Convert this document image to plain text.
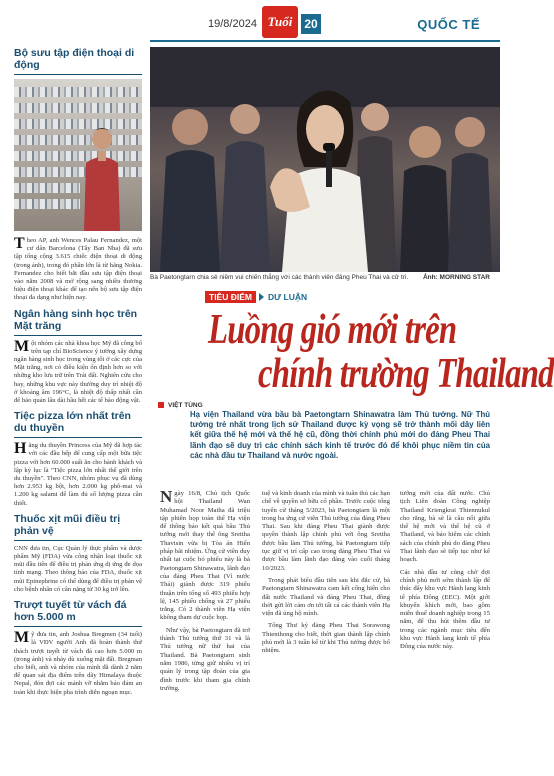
19/8/2024 Tuổi 20	QUỐC TẾ
Bộ sưu tập điện thoại di động

Theo AP, anh Wences Palau Fernandez, một cư dân Barcelona (Tây Ban Nha) đã sưu tập tổng cộng 3.615 chiếc điện thoại di động (trong ảnh), trong đó phần lớn là từ hãng Nokia. Fernandez cho biết bắt đầu sưu tập điện thoại vào năm 2008 và mở rộng sang nhiều thương hiệu điện thoại khác để tạo nên bộ sưu tập điện thoại đa dạng như hiện nay.

Ngân hàng sinh học trên Mặt trăng

Một nhóm các nhà khoa học Mỹ đã công bố trên tạp chí BioScience ý tưởng xây dựng ngân hàng sinh học trong vùng tối ở các cực của Mặt trăng, nơi có điều kiện ổn định hơn so với những kho lưu trữ trên Trái đất. Nghiên cứu cho hay, những khu vực này thường duy trì nhiệt độ ở khoảng âm 196°C, là nhiệt độ thấp nhất cần để bảo quản lâu dài hầu hết các tế bào động vật.

Tiệc pizza lớn nhất trên du thuyền

Hãng du thuyền Princess của Mỹ đã hợp tác với các đầu bếp để cung cấp một bữa tiệc pizza với hơn 60.000 suất ăn cho hành khách và lập kỷ lục là "Tiệc pizza lớn nhất thế giới trên du thuyền". Theo CNN, nhóm phục vụ đã dùng hơn 2.953 kg bột, hơn 2.000 kg phô-mai và 1.200 kg salami để làm đủ số lượng pizza cần thiết.

Thuốc xịt mũi điều trị phản vệ

CNN đưa tin, Cục Quản lý thực phẩm và dược phẩm Mỹ (FDA) vừa công nhận loại thuốc xịt mũi đầu tiên để điều trị phản ứng dị ứng đe dọa tính mạng. Theo thông báo của FDA, thuốc xịt mũi Epinephrine có thể dùng để điều trị phản vệ cho bệnh nhân có cân nặng từ 30 kg trở lên.

Trượt tuyết từ vách đá hơn 5.000 m

Mỹ đưa tin, anh Joshua Bregmen (34 tuổi) là VĐV người Anh đã hoàn thành thử thách trượt tuyết từ vách đá cao hơn 5.000 m (trong ảnh) và nhảy dù xuống mặt đất. Bregman cho biết, anh và nhóm của mình đã dành 2 năm để quan sát địa điểm trên dãy Himalaya thuộc Nepal, đón đợi các mảnh vỡ nhằm bảo đảm an toàn khi thực hiện pha trình diễn ngoạn mục.

Bà Paetongtarn chia sẻ niềm vui chiến thắng với các thành viên đảng Pheu Thai và cử tri. Ảnh: MORNING STAR
TIÊU ĐIỂM DƯ LUẬN
Luồng gió mới trên
chính trường Thailand
VIỆT TÙNG
Hạ viện Thailand vừa bầu bà Paetongtarn Shinawatra làm Thủ tướng. Nữ Thủ tướng trẻ nhất trong lịch sử Thailand được kỳ vọng sẽ trở thành mối dây liên kết giữa thế hệ mới và thế hệ cũ, đồng thời chính phủ mới do đảng Pheu Thai lãnh đạo sẽ duy trì các chính sách kinh tế trước đó để khôi phục niềm tin của các nhà đầu tư Thailand và nước ngoài.

Ngày 16/8, Chủ tịch Quốc hội Thailand Wan Muhamad Noor Matha đã triệu tập phiên họp toàn thể Hạ viện để thông báo kết quả bầu Thủ tướng mới thay thế ông Srettha Thavisin vừa bị Tòa án Hiến pháp bãi nhiệm. Ứng cử viên duy nhất tại cuộc bỏ phiếu này là bà Paetongtarn Shinawatra, lãnh đạo của đảng Pheu Thai (Vì nước Thái) giành được 319 phiếu thuận trên tổng số 493 phiếu hợp lệ, 145 phiếu chống và 27 phiếu trắng. Có 2 thành viên Hạ viện không tham dự cuộc họp.

Như vậy, bà Paetongtarn đã trở thành Thủ tướng thứ 31 và là Thủ tướng nữ thứ hai của Thailand. Bà Paetongtarn sinh năm 1986, từng giữ nhiều vị trí quản lý trong tập đoàn của gia đình trước khi tham gia chính trường.

tuệ và kinh doanh của mình và tuân thủ các hạn chế về quyền sở hữu cổ phần. Trước cuộc tổng tuyển cử tháng 5/2023, bà Paetongtarn là một trong ba ứng cử viên Thủ tướng của đảng Pheu Thai. Sau khi đảng Pheu Thai giành được quyền thành lập chính phủ với ông Srettha được bầu làm Thủ tướng, bà Paetongtarn tiếp tục giữ vị trí cấp cao trong đảng Pheu Thai và được bầu làm lãnh đạo đảng vào cuối tháng 10/2023.

Trong phát biểu đầu tiên sau khi đắc cử, bà Paetongtarn Shinawatra cam kết cống hiến cho đất nước Thailand và đảng Pheu Thai, đồng thời gửi lời cảm ơn tới tất cả các thành viên Hạ viện đã ủng hộ mình.

Tổng Thư ký đảng Pheu Thai Sorawong Thienthong cho biết, thời gian thành lập chính phủ mới là 3 tuần kể từ khi Thủ tướng được bổ nhiệm.

tướng mới của đất nước. Chủ tịch Liên đoàn Công nghiệp Thailand Kriengkrai Thiennukul cho rằng, bà sẽ là cầu nối giữa thế hệ mới và thế hệ cũ ở Thailand, và bảo hiểm các chính sách của chính phủ do đảng Pheu Thai lãnh đạo sẽ tiếp tục như kế hoạch.

Các nhà đầu tư cũng chờ đợi chính phủ mới sớm thành lập để thúc đẩy khu vực Hành lang kinh tế phía Đông (EEC). Một giới khuyến khích mới, bao gồm miễn thuế doanh nghiệp trong 15 năm, để thu hút thêm đầu tư trong các ngành mục tiêu đến khu vực Hành lang kinh tế phía Đông của nước này.
